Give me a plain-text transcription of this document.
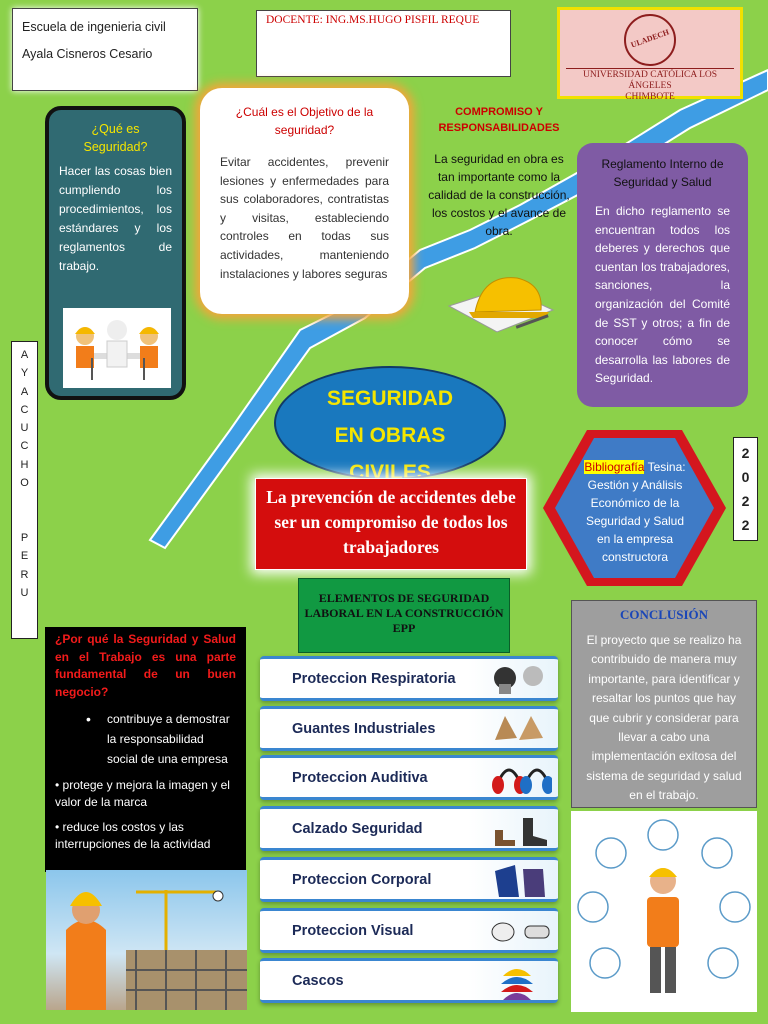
Escuela de ingenieria civil
Ayala Cisneros Cesario
DOCENTE: ING.MS.HUGO PISFIL REQUE
ULADECH
UNIVERSIDAD CATÓLICA LOS ÁNGELES
CHIMBOTE
¿Qué es Seguridad?

Hacer las cosas bien cumpliendo los procedimientos, los estándares y los reglamentos de trabajo.

¿Cuál es el Objetivo de la seguridad?

Evitar accidentes, prevenir lesiones y enfermedades para sus colaboradores, contratistas y visitas, estableciendo controles en todas sus actividades, manteniendo instalaciones y labores seguras

COMPROMISO Y RESPONSABILIDADES

La seguridad en obra es tan importante como la calidad de la construcción, los costos y el avance de obra.

Reglamento Interno de Seguridad y Salud

En dicho reglamento se encuentran todos los deberes y derechos que cuentan los trabajadores, sanciones, la organización del Comité de SST y otros; a fin de conocer cómo se desarrolla las labores de Seguridad.

A
Y
A
C
U
C
H
O

P
E
R
U
2
0
2
2
SEGURIDAD
EN OBRAS
CIVILES
La prevención de accidentes debe ser un compromiso de todos los trabajadores
Bibliografía Tesina: Gestión y Análisis Económico de la Seguridad y Salud en la empresa constructora
ELEMENTOS DE SEGURIDAD LABORAL EN LA CONSTRUCCIÓN EPP
¿Por qué la Seguridad y Salud en el Trabajo es una parte fundamental de un buen negocio?
• contribuye a demostrar la responsabilidad social de una empresa

• protege y mejora la imagen y el valor de la marca

• reduce los costos y las interrupciones de la actividad

Proteccion Respiratoria
Guantes Industriales
Proteccion Auditiva
Calzado Seguridad
Proteccion Corporal
Proteccion Visual
Cascos
CONCLUSIÓN

El proyecto que se realizo ha contribuido de manera muy importante, para identificar y resaltar los puntos que hay que cubrir y considerar para llevar a cabo una implementación exitosa del sistema de seguridad y salud en el trabajo.
